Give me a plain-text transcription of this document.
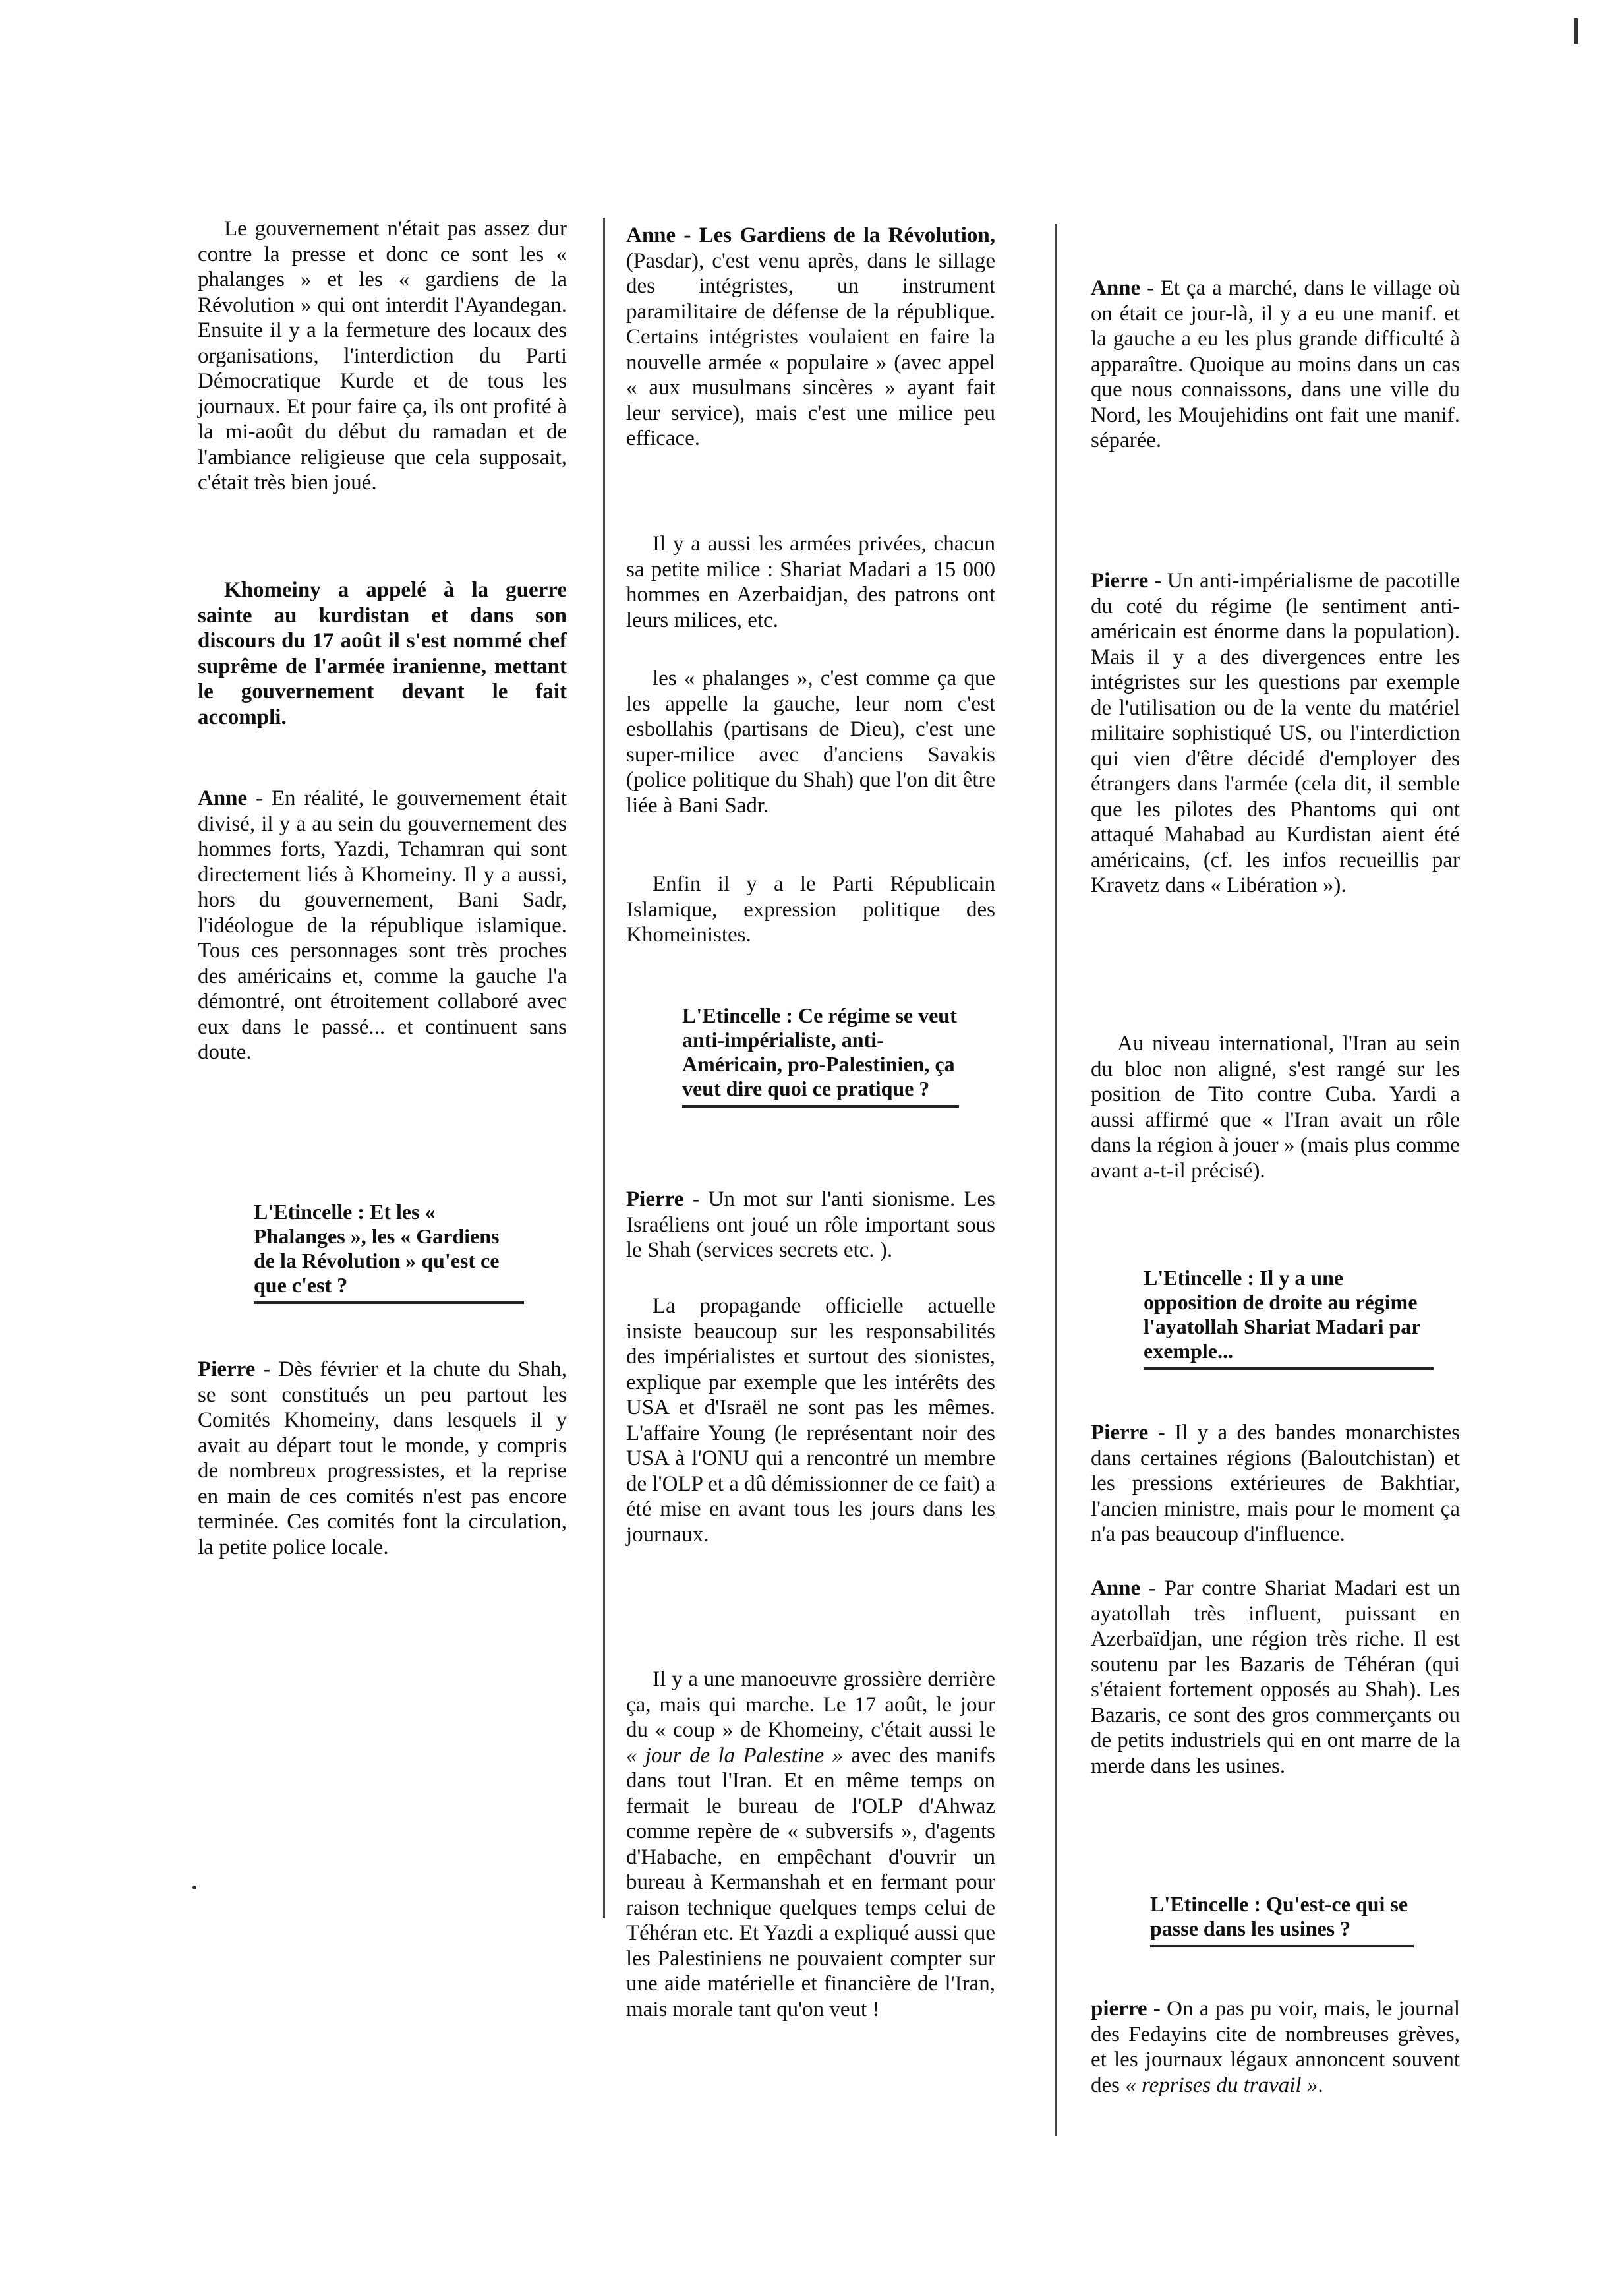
Le gouvernement n'était pas assez dur contre la presse et donc ce sont les « phalanges » et les « gardiens de la Révolution » qui ont interdit l'Ayandegan. Ensuite il y a la fermeture des locaux des organisations, l'interdiction du Parti Démocratique Kurde et de tous les journaux. Et pour faire ça, ils ont profité à la mi-août du début du ramadan et de l'ambiance religieuse que cela supposait, c'était très bien joué.

Khomeiny a appelé à la guerre sainte au kurdistan et dans son discours du 17 août il s'est nommé chef suprême de l'armée iranienne, mettant le gouvernement devant le fait accompli.

Anne - En réalité, le gouvernement était divisé, il y a au sein du gouvernement des hommes forts, Yazdi, Tchamran qui sont directement liés à Khomeiny. Il y a aussi, hors du gouvernement, Bani Sadr, l'idéologue de la république islamique. Tous ces personnages sont très proches des américains et, comme la gauche l'a démontré, ont étroitement collaboré avec eux dans le passé... et continuent sans doute.

L'Etincelle : Et les « Phalanges », les « Gardiens de la Révolution » qu'est ce que c'est ?

Pierre - Dès février et la chute du Shah, se sont constitués un peu partout les Comités Khomeiny, dans lesquels il y avait au départ tout le monde, y compris de nombreux progressistes, et la reprise en main de ces comités n'est pas encore terminée. Ces comités font la circulation, la petite police locale.

Anne - Les Gardiens de la Révolution,(Pasdar), c'est venu après, dans le sillage des intégristes, un instrument paramilitaire de défense de la république. Certains intégristes voulaient en faire la nouvelle armée « populaire » (avec appel « aux musulmans sincères » ayant fait leur service), mais c'est une milice peu efficace.

Il y a aussi les armées privées, chacun sa petite milice : Shariat Madari a 15 000 hommes en Azerbaidjan, des patrons ont leurs milices, etc.

les « phalanges », c'est comme ça que les appelle la gauche, leur nom c'est esbollahis (partisans de Dieu), c'est une super-milice avec d'anciens Savakis (police politique du Shah) que l'on dit être liée à Bani Sadr.

Enfin il y a le Parti Républicain Islamique, expression politique des Khomeinistes.

L'Etincelle : Ce régime se veut anti-impérialiste, anti-Américain, pro-Palestinien, ça veut dire quoi ce pratique ?

Pierre - Un mot sur l'anti sionisme. Les Israéliens ont joué un rôle important sous le Shah (services secrets etc. ).

La propagande officielle actuelle insiste beaucoup sur les responsabilités des impérialistes et surtout des sionistes, explique par exemple que les intérêts des USA et d'Israël ne sont pas les mêmes. L'affaire Young (le représentant noir des USA à l'ONU qui a rencontré un membre de l'OLP et a dû démissionner de ce fait) a été mise en avant tous les jours dans les journaux.

Il y a une manoeuvre grossière derrière ça, mais qui marche. Le 17 août, le jour du « coup » de Khomeiny, c'était aussi le « jour de la Palestine » avec des manifs dans tout l'Iran. Et en même temps on fermait le bureau de l'OLP d'Ahwaz comme repère de « subversifs », d'agents d'Habache, en empêchant d'ouvrir un bureau à Kermanshah et en fermant pour raison technique quelques temps celui de Téhéran etc. Et Yazdi a expliqué aussi que les Palestiniens ne pouvaient compter sur une aide matérielle et financière de l'Iran, mais morale tant qu'on veut !

Anne - Et ça a marché, dans le village où on était ce jour-là, il y a eu une manif. et la gauche a eu les plus grande difficulté à apparaître. Quoique au moins dans un cas que nous connaissons, dans une ville du Nord, les Moujehidins ont fait une manif. séparée.

Pierre - Un anti-impérialisme de pacotille du coté du régime (le sentiment anti-américain est énorme dans la population). Mais il y a des divergences entre les intégristes sur les questions par exemple de l'utilisation ou de la vente du matériel militaire sophistiqué US, ou l'interdiction qui vien d'être décidé d'employer des étrangers dans l'armée (cela dit, il semble que les pilotes des Phantoms qui ont attaqué Mahabad au Kurdistan aient été américains, (cf. les infos recueillis par Kravetz dans « Libération »).

Au niveau international, l'Iran au sein du bloc non aligné, s'est rangé sur les position de Tito contre Cuba. Yardi a aussi affirmé que « l'Iran avait un rôle dans la région à jouer » (mais plus comme avant a-t-il précisé).

L'Etincelle : Il y a une opposition de droite au régime l'ayatollah Shariat Madari par exemple...

Pierre - Il y a des bandes monarchistes dans certaines régions (Baloutchistan) et les pressions extérieures de Bakhtiar, l'ancien ministre, mais pour le moment ça n'a pas beaucoup d'influence.

Anne - Par contre Shariat Madari est un ayatollah très influent, puissant en Azerbaïdjan, une région très riche. Il est soutenu par les Bazaris de Téhéran (qui s'étaient fortement opposés au Shah). Les Bazaris, ce sont des gros commerçants ou de petits industriels qui en ont marre de la merde dans les usines.

L'Etincelle : Qu'est-ce qui se passe dans les usines ?

pierre - On a pas pu voir, mais, le journal des Fedayins cite de nombreuses grèves, et les journaux légaux annoncent souvent des « reprises du travail ».
